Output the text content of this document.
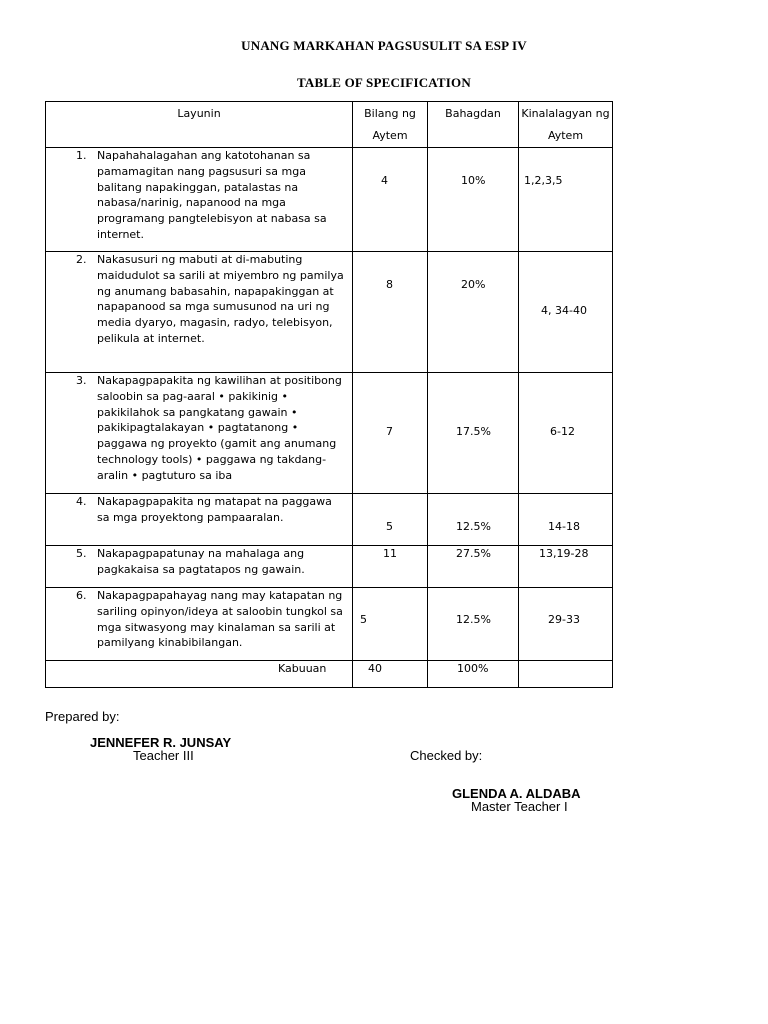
UNANG MARKAHAN PAGSUSULIT SA ESP IV
TABLE OF SPECIFICATION
Layunin	Bilang ng Aytem	Bahagdan	Kinalalagyan ng Aytem

1. Napahahalagahan ang katotohanan sa pamamagitan nang pagsusuri sa mga balitang napakinggan, patalastas na nabasa/narinig, napanood na mga programang pangtelebisyon at nabasa sa internet.	4	10%	1,2,3,5

2. Nakasusuri ng mabuti at di-mabuting maidudulot sa sarili at miyembro ng pamilya ng anumang babasahin, napapakinggan at napapanood sa mga sumusunod na uri ng media dyaryo, magasin, radyo, telebisyon, pelikula at internet.	8	20%	4, 34-40

3. Nakapagpapakita ng kawilihan at positibong saloobin sa pag-aaral • pakikinig • pakikilahok sa pangkatang gawain • pakikipagtalakayan • pagtatanong • paggawa ng proyekto (gamit ang anumang technology tools) • paggawa ng takdang-aralin • pagtuturo sa iba	7	17.5%	6-12

4. Nakapagpapakita ng matapat na paggawa sa mga proyektong pampaaralan.	5	12.5%	14-18

5. Nakapagpapatunay na mahalaga ang pagkakaisa sa pagtatapos ng gawain.	11	27.5%	13,19-28

6. Nakapagpapahayag nang may katapatan ng sariling opinyon/ideya at saloobin tungkol sa mga sitwasyong may kinalaman sa sarili at pamilyang kinabibilangan.	5	12.5%	29-33

Kabuuan	40	100%	

Prepared by:
JENNEFER R. JUNSAY
Teacher III	Checked by:
GLENDA A. ALDABA
Master Teacher I
